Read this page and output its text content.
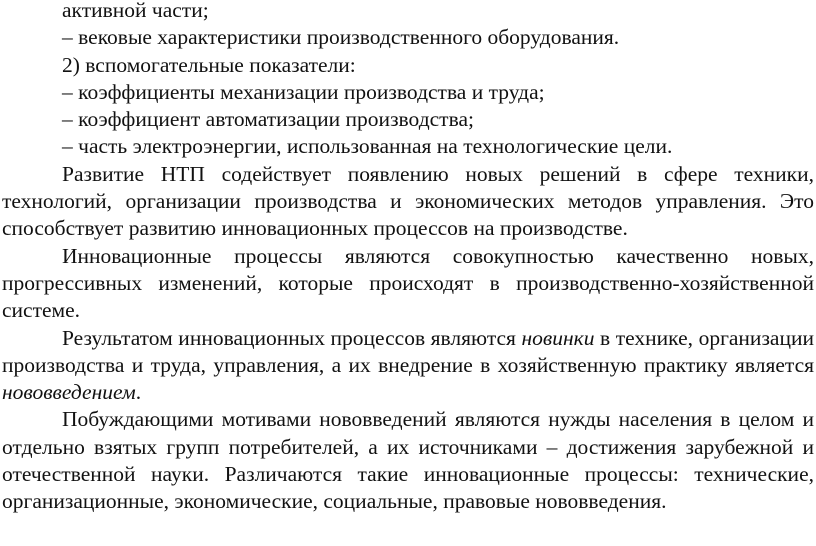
активной части;
– вековые характеристики производственного оборудования.
2) вспомогательные показатели:
– коэффициенты механизации производства и труда;
– коэффициент автоматизации производства;
– часть электроэнергии, использованная на технологические цели.

Развитие НТП содействует появлению новых решений в сфере техники, технологий, организации производства и экономических методов управления. Это способствует развитию инновационных процессов на производстве.

Инновационные процессы являются совокупностью качественно новых, прогрессивных изменений, которые происходят в производственно-хозяйственной системе.

Результатом инновационных процессов являются новинки в технике, организации производства и труда, управления, а их внедрение в хозяйственную практику является нововведением.

Побуждающими мотивами нововведений являются нужды населения в целом и отдельно взятых групп потребителей, а их источниками – достижения зарубежной и отечественной науки. Различаются такие инновационные процессы: технические, организационные, экономические, социальные, правовые нововведения.
